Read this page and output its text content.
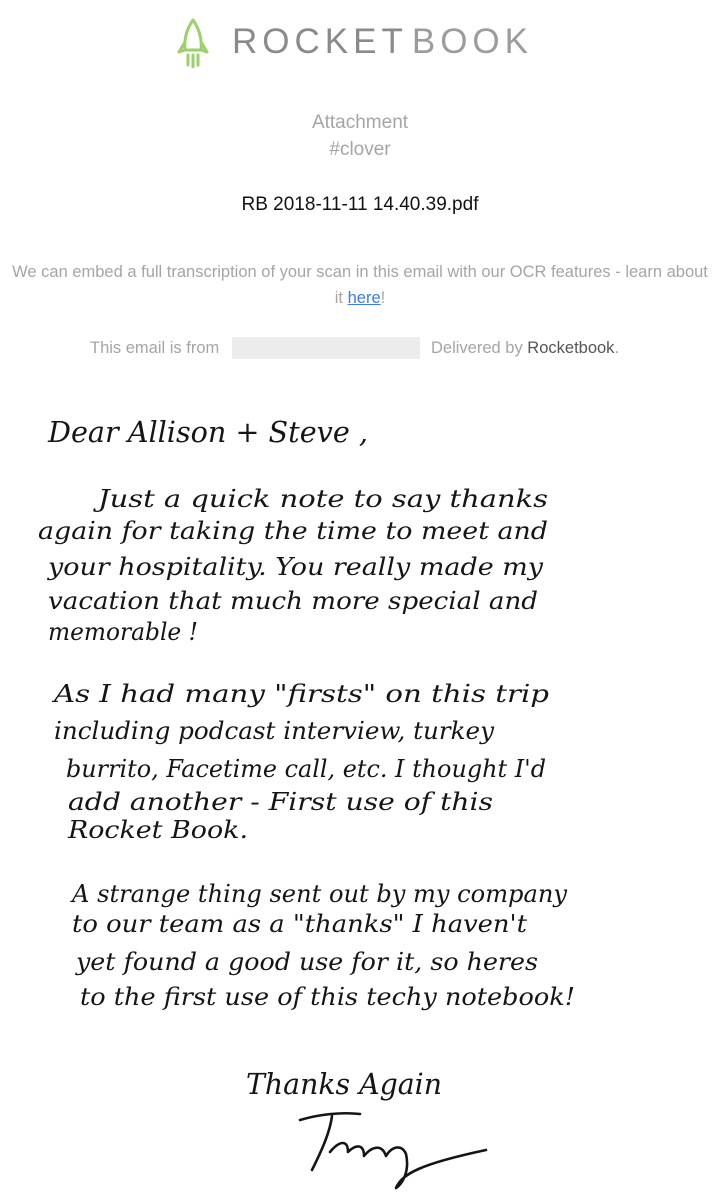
ROCKET BOOK
Attachment
#clover
RB 2018-11-11 14.40.39.pdf
We can embed a full transcription of your scan in this email with our OCR features - learn about it here!
This email is from	Delivered by Rocketbook.
Dear Allison + Steve ,
Just a quick note to say thanks
again for taking the time to meet and
your hospitality. You really made my
vacation that much more special and
memorable !
As I had many "firsts" on this trip
including podcast interview, turkey
burrito, Facetime call, etc. I thought I'd
add another - First use of this
Rocket Book.
A strange thing sent out by my company
to our team as a "thanks" I haven't
yet found a good use for it, so heres
to the first use of this techy notebook!
Thanks Again
